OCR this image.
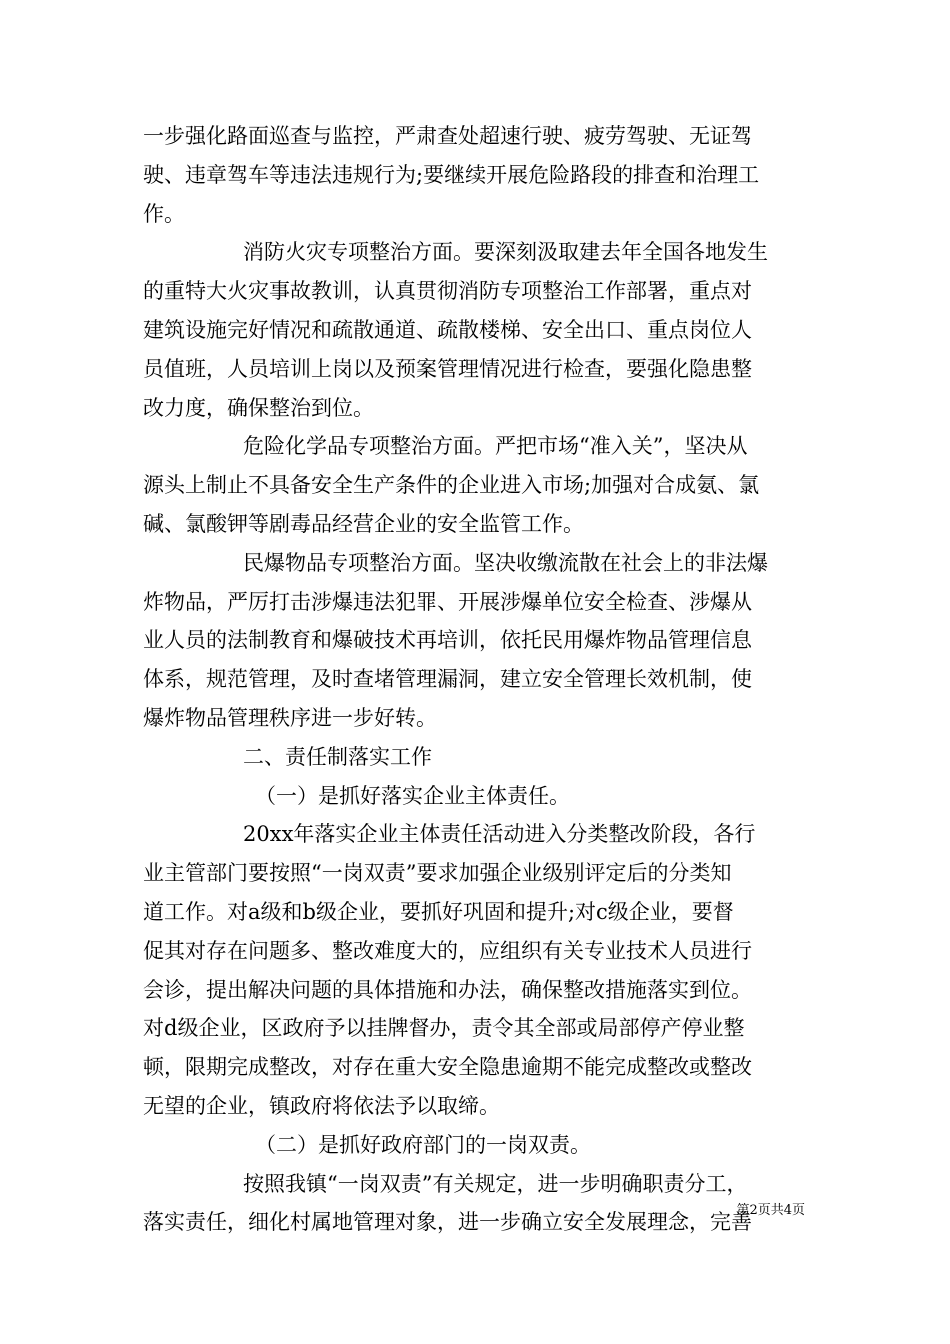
一步强化路面巡查与监控，严肃查处超速行驶、疲劳驾驶、无证驾
驶、违章驾车等违法违规行为;要继续开展危险路段的排查和治理工
作。
消防火灾专项整治方面。要深刻汲取建去年全国各地发生
的重特大火灾事故教训，认真贯彻消防专项整治工作部署，重点对
建筑设施完好情况和疏散通道、疏散楼梯、安全出口、重点岗位人
员值班，人员培训上岗以及预案管理情况进行检查，要强化隐患整
改力度，确保整治到位。
危险化学品专项整治方面。严把市场“准入关”，坚决从
源头上制止不具备安全生产条件的企业进入市场;加强对合成氨、氯
碱、氯酸钾等剧毒品经营企业的安全监管工作。
民爆物品专项整治方面。坚决收缴流散在社会上的非法爆
炸物品，严厉打击涉爆违法犯罪、开展涉爆单位安全检查、涉爆从
业人员的法制教育和爆破技术再培训，依托民用爆炸物品管理信息
体系，规范管理，及时查堵管理漏洞，建立安全管理长效机制，使
爆炸物品管理秩序进一步好转。
二、责任制落实工作
（一）是抓好落实企业主体责任。
20xx年落实企业主体责任活动进入分类整改阶段，各行
业主管部门要按照“一岗双责”要求加强企业级别评定后的分类知
道工作。对a级和b级企业，要抓好巩固和提升;对c级企业，要督
促其对存在问题多、整改难度大的，应组织有关专业技术人员进行
会诊，提出解决问题的具体措施和办法，确保整改措施落实到位。
对d级企业，区政府予以挂牌督办，责令其全部或局部停产停业整
顿，限期完成整改，对存在重大安全隐患逾期不能完成整改或整改
无望的企业，镇政府将依法予以取缔。
（二）是抓好政府部门的一岗双责。
按照我镇“一岗双责”有关规定，进一步明确职责分工，
落实责任，细化村属地管理对象，进一步确立安全发展理念，完善
第2页共4页
